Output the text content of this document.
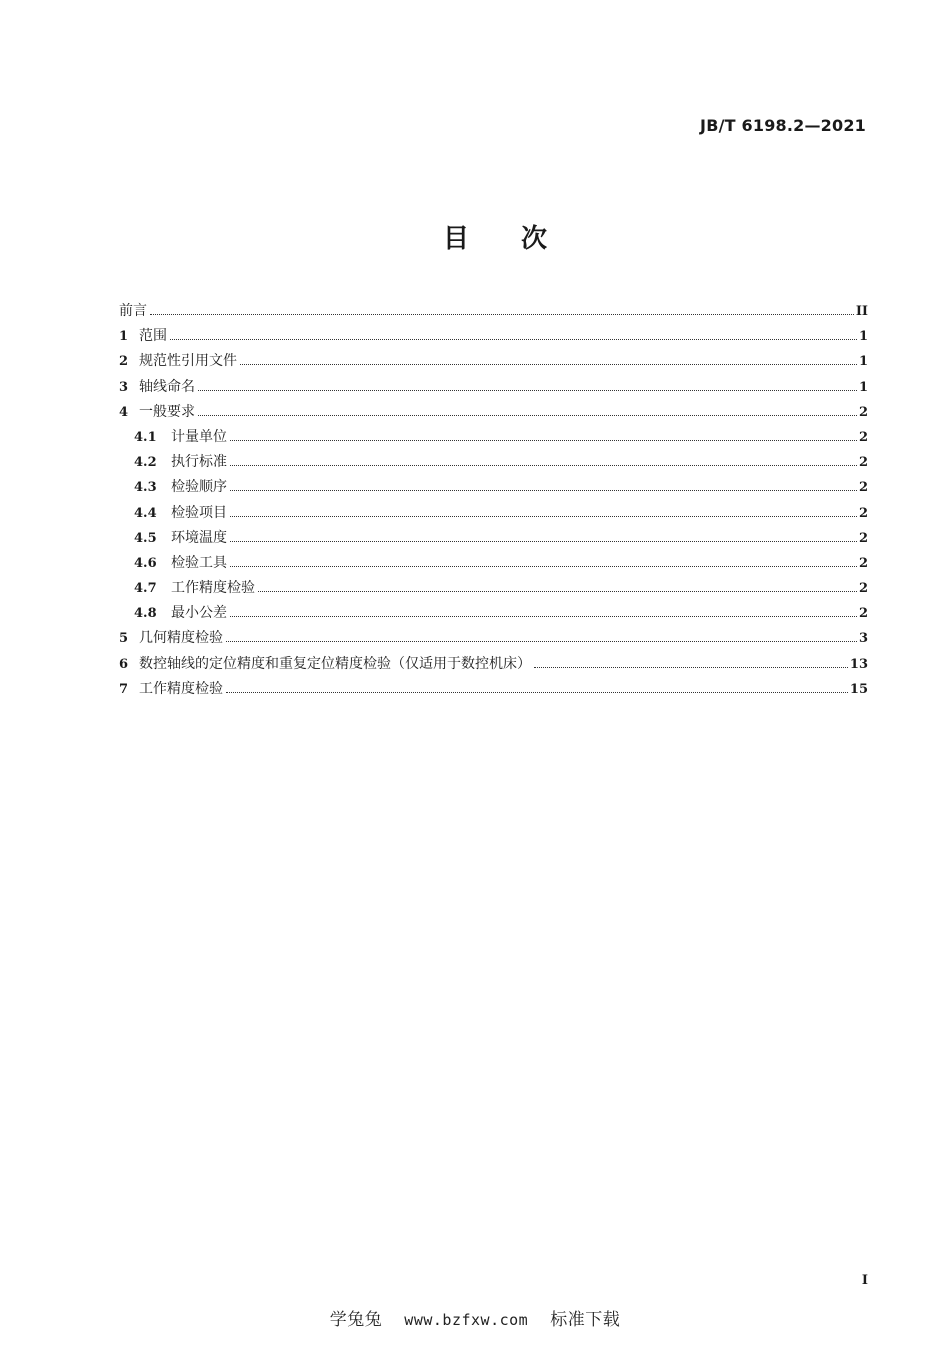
JB/T 6198.2—2021
目 次
前言	II
1 范围	1
2 规范性引用文件	1
3 轴线命名	1
4 一般要求	2
4.1	计量单位	2
4.2	执行标准	2
4.3	检验顺序	2
4.4	检验项目	2
4.5	环境温度	2
4.6	检验工具	2
4.7	工作精度检验	2
4.8	最小公差	2
5 几何精度检验	3
6 数控轴线的定位精度和重复定位精度检验（仅适用于数控机床）	13
7 工作精度检验	15
I
学兔兔 www.bzfxw.com 标准下载
